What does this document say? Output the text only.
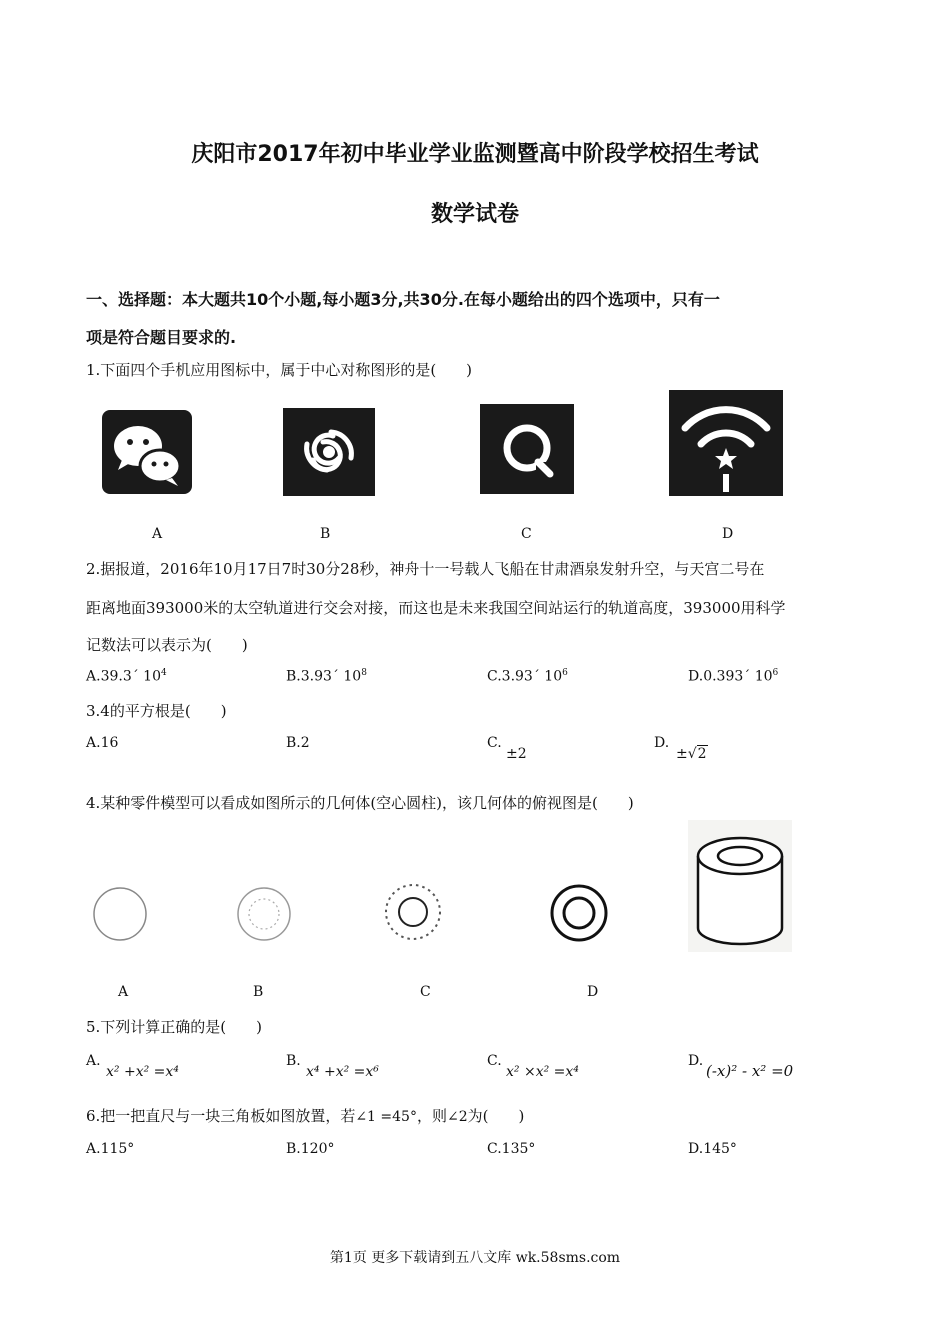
庆阳市2017年初中毕业学业监测暨高中阶段学校招生考试
数学试卷
一、选择题：本大题共10个小题,每小题3分,共30分.在每小题给出的四个选项中，只有一
项是符合题目要求的.
1.下面四个手机应用图标中，属于中心对称图形的是(　　)
A	B	C	D
2.据报道，2016年10月17日7时30分28秒，神舟十一号载人飞船在甘肃酒泉发射升空，与天宫二号在
距离地面393000米的太空轨道进行交会对接，而这也是未来我国空间站运行的轨道高度，393000用科学
记数法可以表示为(　　)
A.39.3´ $10^4$	B.3.93´ $10^8$	C.3.93´ $10^6$	D.0.393´ $10^6$
3.4的平方根是(　　)
A.16	B.2	C.
±2
D.
±√2
4.某种零件模型可以看成如图所示的几何体(空心圆柱)，该几何体的俯视图是(　　)
A	B	C	D
5.下列计算正确的是(　　)
A.
x² +x² =x⁴
B.
x⁴ +x² =x⁶
C.
x² ×x² =x⁴
D.
(-x)² - x² =0
6.把一把直尺与一块三角板如图放置，若∠1 =45°，则∠2为(　　)
A.115°	B.120°	C.135°	D.145°
第1页 更多下载请到五八文库 wk.58sms.com
